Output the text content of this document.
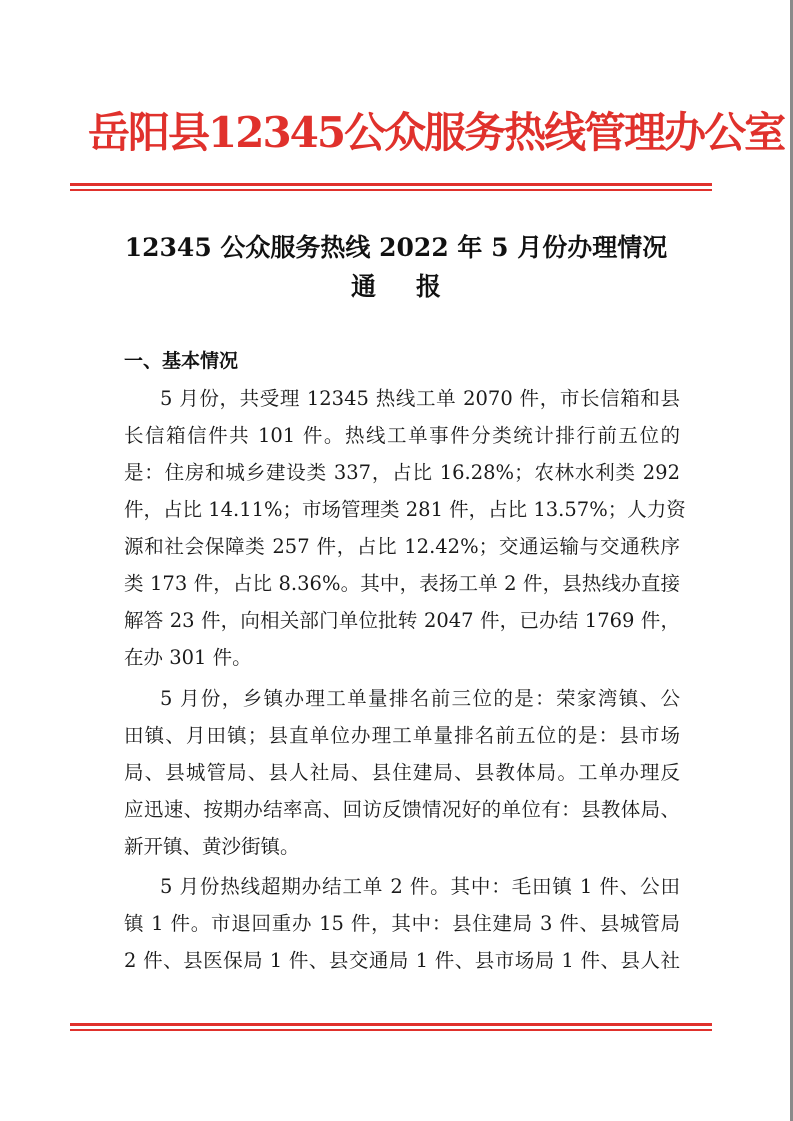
岳阳县12345公众服务热线管理办公室
12345 公众服务热线 2022 年 5 月份办理情况
通报
一、基本情况
5 月份，共受理 12345 热线工单 2070 件，市长信箱和县
长信箱信件共 101 件。热线工单事件分类统计排行前五位的
是：住房和城乡建设类 337，占比 16.28%；农林水利类 292
件，占比 14.11%；市场管理类 281 件，占比 13.57%；人力资
源和社会保障类 257 件，占比 12.42%；交通运输与交通秩序
类 173 件，占比 8.36%。其中，表扬工单 2 件，县热线办直接
解答 23 件，向相关部门单位批转 2047 件，已办结 1769 件，
在办 301 件。
5 月份，乡镇办理工单量排名前三位的是：荣家湾镇、公
田镇、月田镇；县直单位办理工单量排名前五位的是：县市场
局、县城管局、县人社局、县住建局、县教体局。工单办理反
应迅速、按期办结率高、回访反馈情况好的单位有：县教体局、
新开镇、黄沙街镇。
5 月份热线超期办结工单 2 件。其中：毛田镇 1 件、公田
镇 1 件。市退回重办 15 件，其中：县住建局 3 件、县城管局
2 件、县医保局 1 件、县交通局 1 件、县市场局 1 件、县人社
